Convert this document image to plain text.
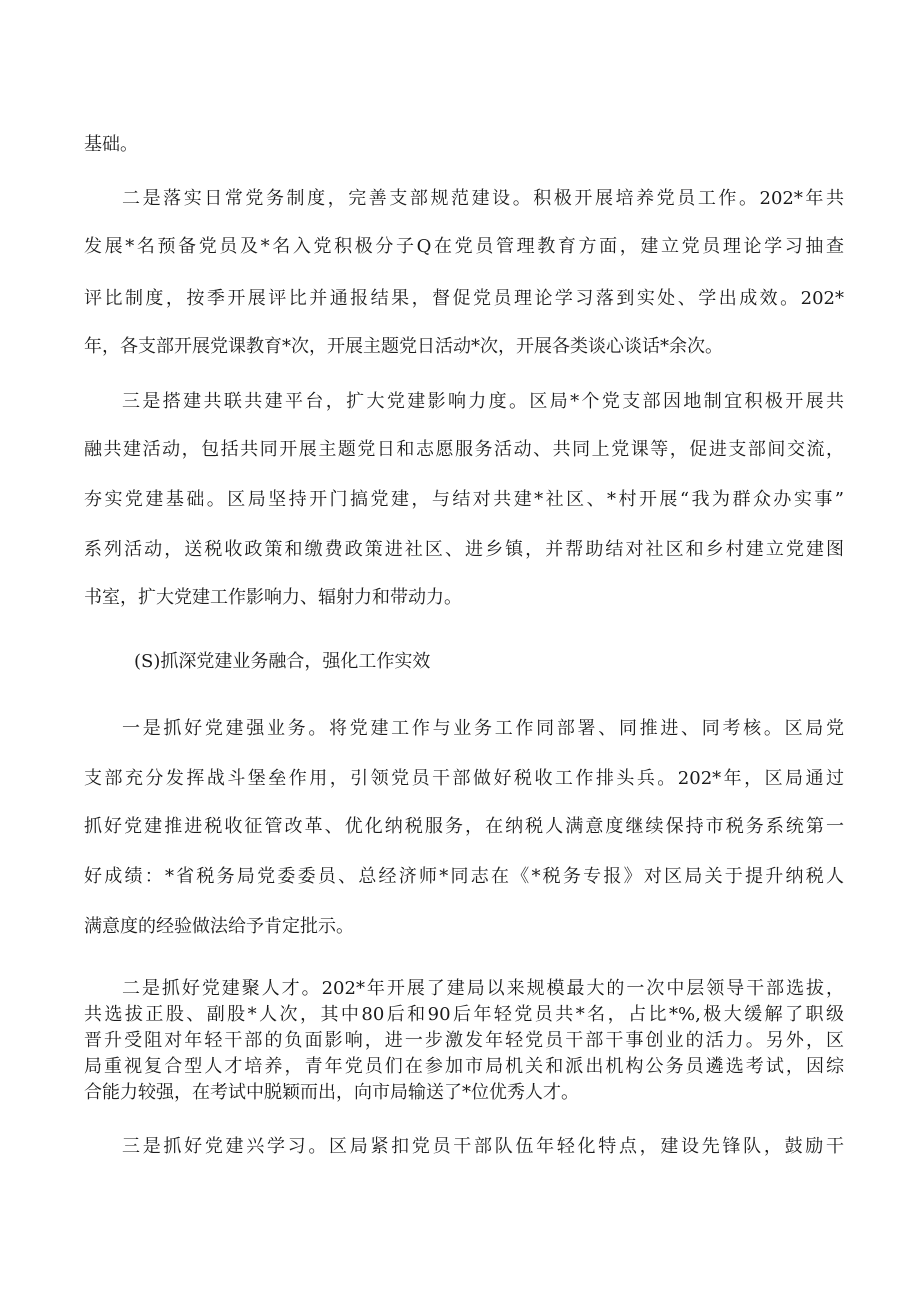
基础。
二是落实日常党务制度，完善支部规范建设。积极开展培养党员工作。202*年共
发展*名预备党员及*名入党积极分子Q在党员管理教育方面，建立党员理论学习抽查
评比制度，按季开展评比并通报结果，督促党员理论学习落到实处、学出成效。202*
年，各支部开展党课教育*次，开展主题党日活动*次，开展各类谈心谈话*余次。
三是搭建共联共建平台，扩大党建影响力度。区局*个党支部因地制宜积极开展共
融共建活动，包括共同开展主题党日和志愿服务活动、共同上党课等，促进支部间交流，
夯实党建基础。区局坚持开门搞党建，与结对共建*社区、*村开展“我为群众办实事”
系列活动，送税收政策和缴费政策进社区、进乡镇，并帮助结对社区和乡村建立党建图
书室，扩大党建工作影响力、辐射力和带动力。
(S)抓深党建业务融合，强化工作实效
一是抓好党建强业务。将党建工作与业务工作同部署、同推进、同考核。区局党
支部充分发挥战斗堡垒作用，引领党员干部做好税收工作排头兵。202*年，区局通过
抓好党建推进税收征管改革、优化纳税服务，在纳税人满意度继续保持市税务系统第一
好成绩：*省税务局党委委员、总经济师*同志在《*税务专报》对区局关于提升纳税人
满意度的经验做法给予肯定批示。
二是抓好党建聚人才。202*年开展了建局以来规模最大的一次中层领导干部选拔，
共选拔正股、副股*人次，其中80后和90后年轻党员共*名，占比*%,极大缓解了职级
晋升受阻对年轻干部的负面影响，进一步激发年轻党员干部干事创业的活力。另外，区
局重视复合型人才培养，青年党员们在参加市局机关和派出机构公务员遴选考试，因综
合能力较强，在考试中脱颖而出，向市局输送了*位优秀人才。
三是抓好党建兴学习。区局紧扣党员干部队伍年轻化特点，建设先锋队，鼓励干
